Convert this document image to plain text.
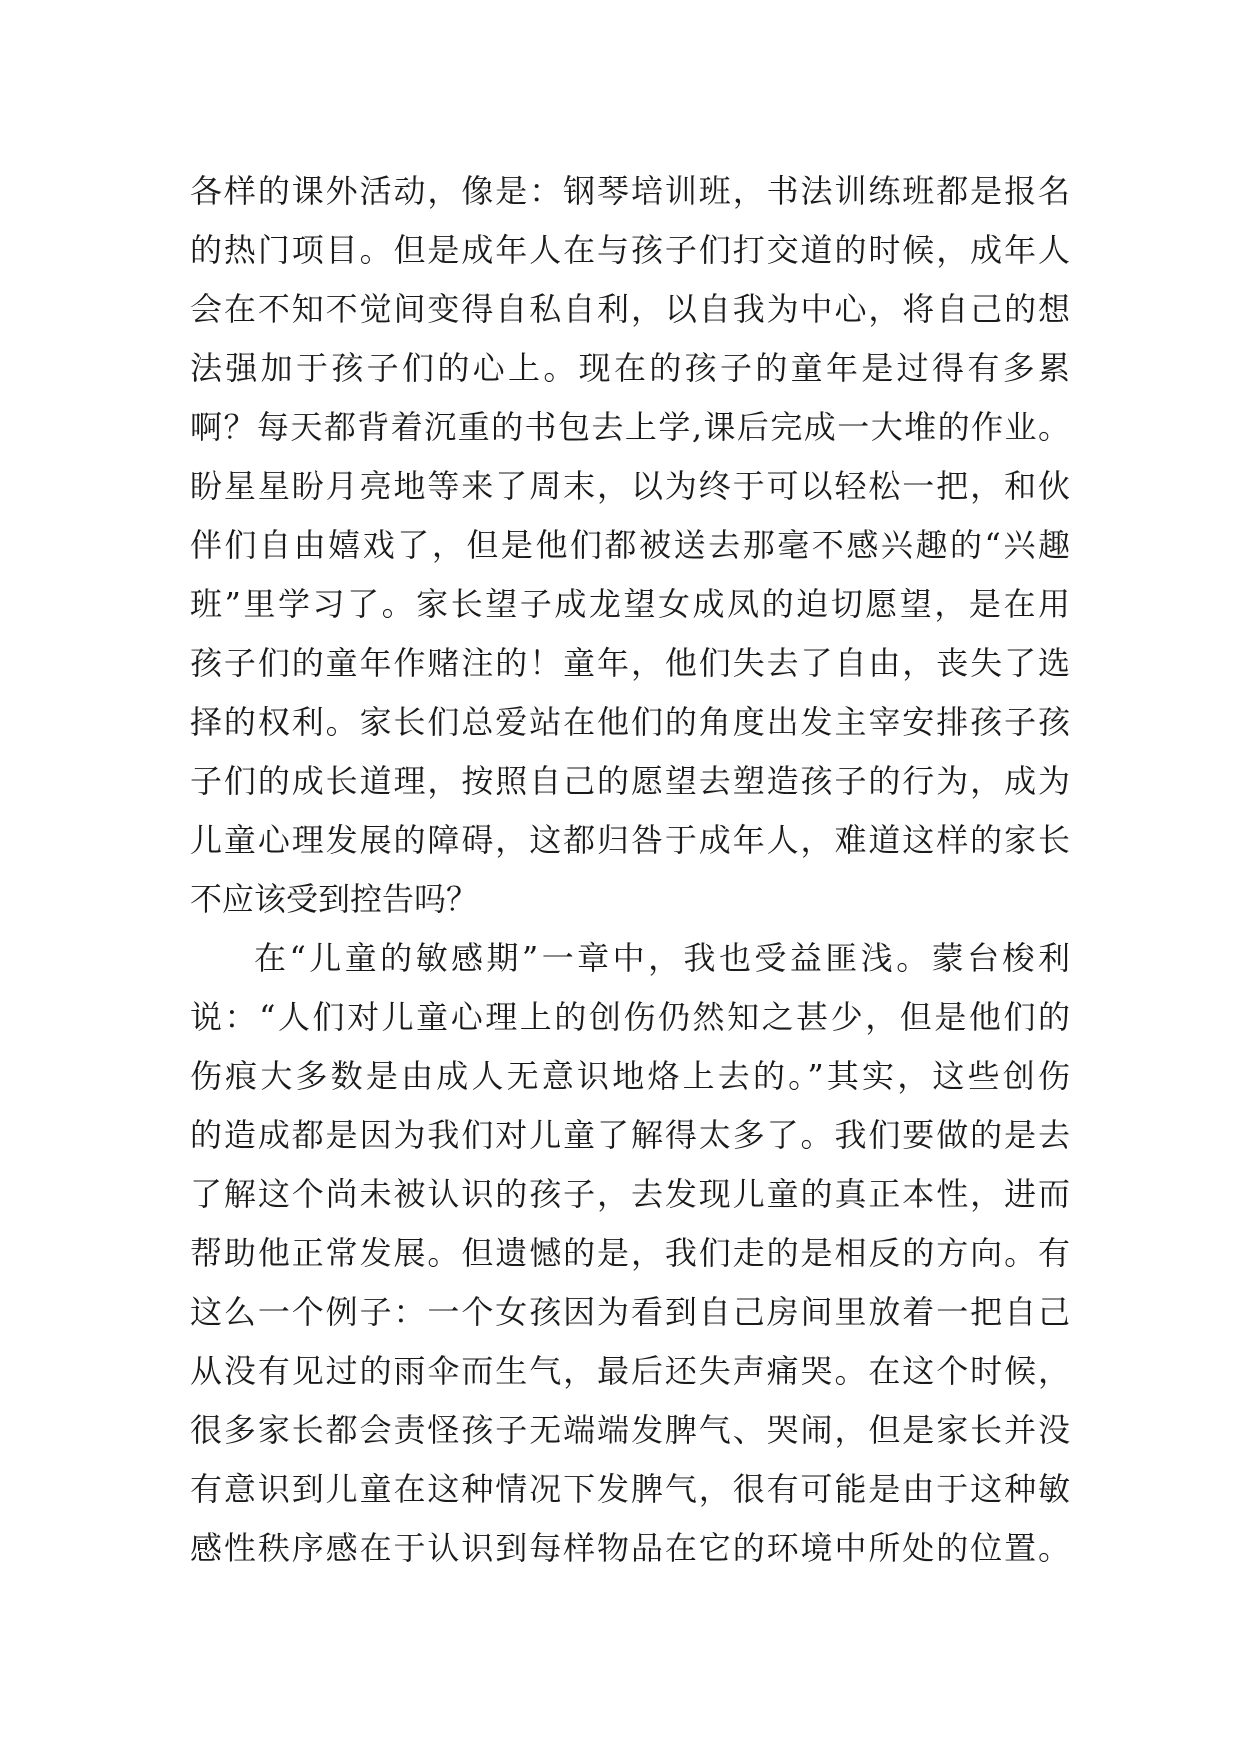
各样的课外活动，像是：钢琴培训班，书法训练班都是报名
的热门项目。但是成年人在与孩子们打交道的时候，成年人
会在不知不觉间变得自私自利，以自我为中心，将自己的想
法强加于孩子们的心上。现在的孩子的童年是过得有多累
啊？每天都背着沉重的书包去上学,课后完成一大堆的作业。
盼星星盼月亮地等来了周末，以为终于可以轻松一把，和伙
伴们自由嬉戏了，但是他们都被送去那毫不感兴趣的“兴趣
班”里学习了。家长望子成龙望女成凤的迫切愿望，是在用
孩子们的童年作赌注的！童年，他们失去了自由，丧失了选
择的权利。家长们总爱站在他们的角度出发主宰安排孩子孩
子们的成长道理，按照自己的愿望去塑造孩子的行为，成为
儿童心理发展的障碍，这都归咎于成年人，难道这样的家长
不应该受到控告吗？
在“儿童的敏感期”一章中，我也受益匪浅。蒙台梭利
说：“人们对儿童心理上的创伤仍然知之甚少，但是他们的
伤痕大多数是由成人无意识地烙上去的。”其实，这些创伤
的造成都是因为我们对儿童了解得太多了。我们要做的是去
了解这个尚未被认识的孩子，去发现儿童的真正本性，进而
帮助他正常发展。但遗憾的是，我们走的是相反的方向。有
这么一个例子：一个女孩因为看到自己房间里放着一把自己
从没有见过的雨伞而生气，最后还失声痛哭。在这个时候，
很多家长都会责怪孩子无端端发脾气、哭闹，但是家长并没
有意识到儿童在这种情况下发脾气，很有可能是由于这种敏
感性秩序感在于认识到每样物品在它的环境中所处的位置。
